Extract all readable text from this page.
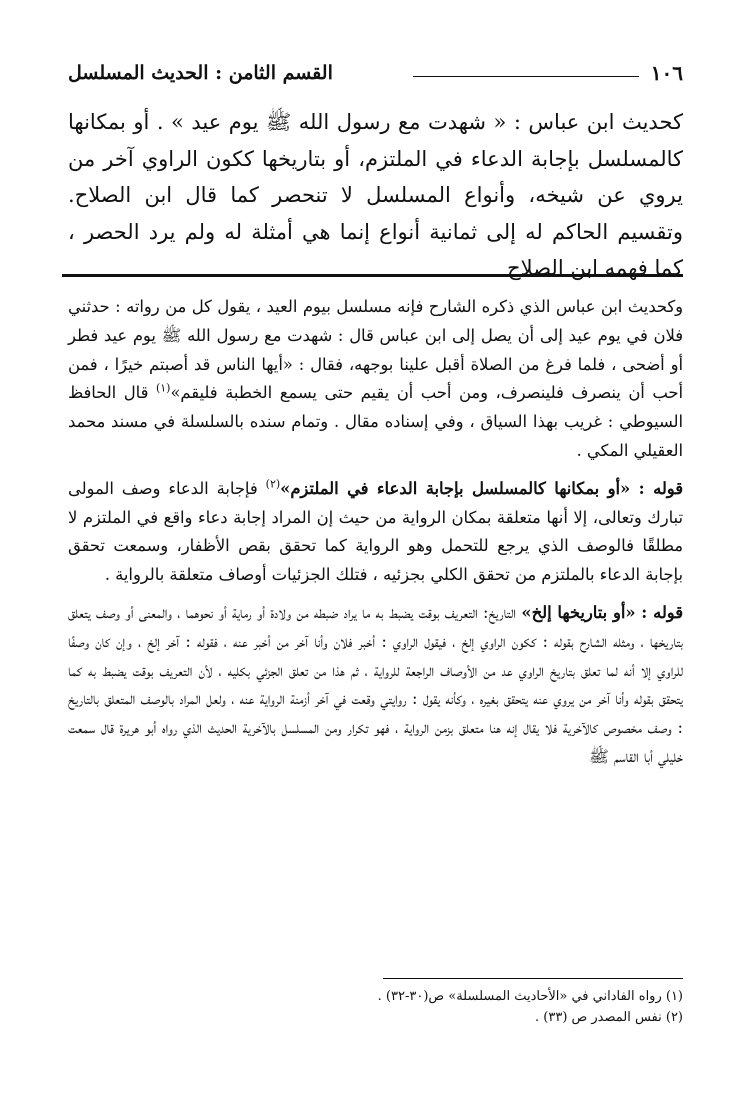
١٠٦
القسم الثامن : الحديث المسلسل

كحديث ابن عباس : « شهدت مع رسول الله ﷺ يوم عيد » . أو بمكانها كالمسلسل بإجابة الدعاء في الملتزم، أو بتاريخها ككون الراوي آخر من يروي عن شيخه، وأنواع المسلسل لا تنحصر كما قال ابن الصلاح. وتقسيم الحاكم له إلى ثمانية أنواع إنما هي أمثلة له ولم يرد الحصر ، كما فهمه ابن الصلاح

وكحديث ابن عباس الذي ذكره الشارح فإنه مسلسل بيوم العيد ، يقول كل من رواته : حدثني فلان في يوم عيد إلى أن يصل إلى ابن عباس قال : شهدت مع رسول الله ﷺ يوم عيد فطر أو أضحى ، فلما فرغ من الصلاة أقبل علينا بوجهه، فقال : «أيها الناس قد أصبتم خيرًا ، فمن أحب أن ينصرف فلينصرف، ومن أحب أن يقيم حتى يسمع الخطبة فليقم»$^{(١)}$ قال الحافظ السيوطي : غريب بهذا السياق ، وفي إسناده مقال . وتمام سنده بالسلسلة في مسند محمد العقيلي المكي .

قوله : «أو بمكانها كالمسلسل بإجابة الدعاء في الملتزم»$^{(٢)}$ فإجابة الدعاء وصف المولى تبارك وتعالى، إلا أنها متعلقة بمكان الرواية من حيث إن المراد إجابة دعاء واقع في الملتزم لا مطلقًا فالوصف الذي يرجع للتحمل وهو الرواية كما تحقق بقص الأظفار، وسمعت تحقق بإجابة الدعاء بالملتزم من تحقق الكلي بجزئيه ، فتلك الجزئيات أوصاف متعلقة بالرواية .

قوله : «أو بتاريخها إلخ» التاريخ: التعريف بوقت يضبط به ما يراد ضبطه من ولادة أو رماية أو نحوهما ، والمعنى أو وصف يتعلق بتاريخها ، ومثله الشارح بقوله : ككون الراوي إلخ ، فيقول الراوي : أخبر فلان وأنا آخر من أخبر عنه ، فقوله : آخر إلخ ، وإن كان وصفًا للراوي إلا أنه لما تعلق بتاريخ الراوي عد من الأوصاف الراجعة للرواية ، ثم هذا من تعلق الجزئي بكليه ، لأن التعريف بوقت يضبط به كما يتحقق بقوله وأنا آخر من يروي عنه يتحقق بغيره ، وكأنه يقول : روايتي وقعت في آخر أزمنة الرواية عنه ، ولعل المراد بالوصف المتعلق بالتاريخ : وصف مخصوص كالآخرية فلا يقال إنه هنا متعلق بزمن الرواية ، فهو تكرار ومن المسلسل بالآخرية الحديث الذي رواه أبو هريرة قال سمعت خليلي أبا القاسم ﷺ

(١) رواه الفاداني في «الأحاديث المسلسلة» ص(٣٠-٣٢) .

(٢) نفس المصدر ص (٣٣) .
